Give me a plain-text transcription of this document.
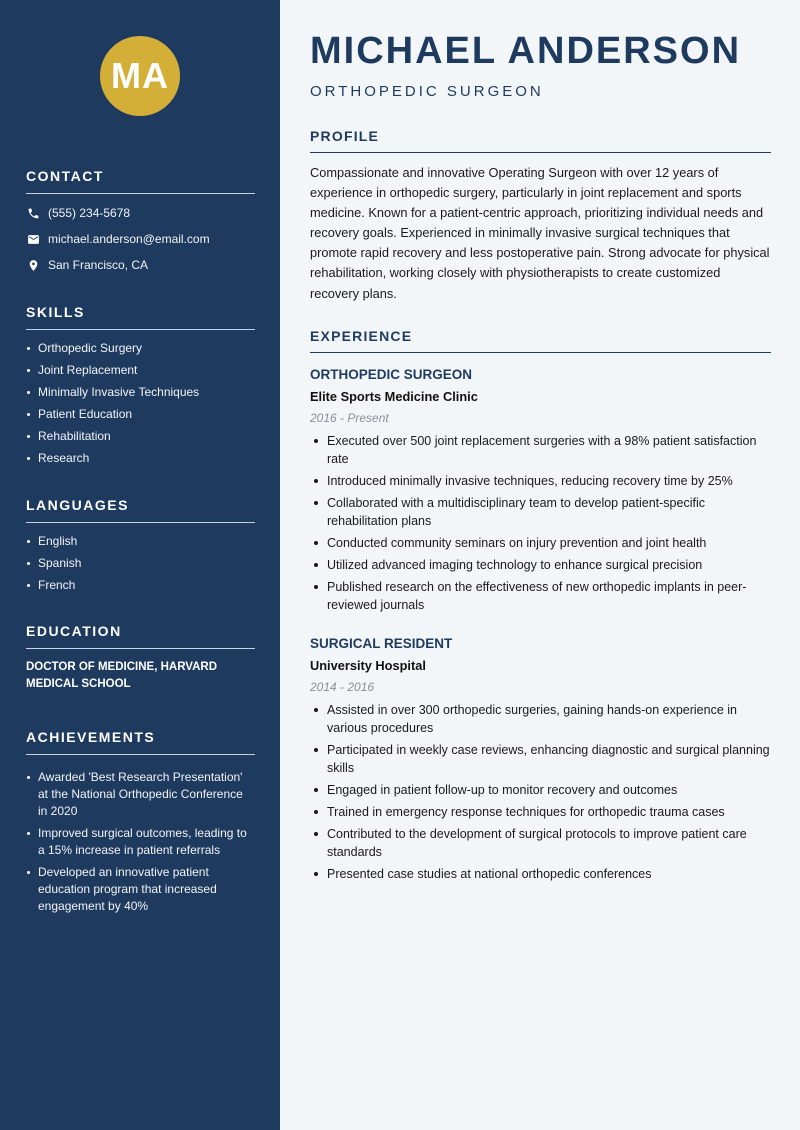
MA
CONTACT
(555) 234-5678
michael.anderson@email.com
San Francisco, CA
SKILLS
Orthopedic Surgery
Joint Replacement
Minimally Invasive Techniques
Patient Education
Rehabilitation
Research
LANGUAGES
English
Spanish
French
EDUCATION
DOCTOR OF MEDICINE, HARVARD MEDICAL SCHOOL
ACHIEVEMENTS
Awarded 'Best Research Presentation' at the National Orthopedic Conference in 2020
Improved surgical outcomes, leading to a 15% increase in patient referrals
Developed an innovative patient education program that increased engagement by 40%
MICHAEL ANDERSON
ORTHOPEDIC SURGEON
PROFILE

Compassionate and innovative Operating Surgeon with over 12 years of experience in orthopedic surgery, particularly in joint replacement and sports medicine. Known for a patient-centric approach, prioritizing individual needs and recovery goals. Experienced in minimally invasive surgical techniques that promote rapid recovery and less postoperative pain. Strong advocate for physical rehabilitation, working closely with physiotherapists to create customized recovery plans.

EXPERIENCE
ORTHOPEDIC SURGEON
Elite Sports Medicine Clinic
2016 - Present
Executed over 500 joint replacement surgeries with a 98% patient satisfaction rate
Introduced minimally invasive techniques, reducing recovery time by 25%
Collaborated with a multidisciplinary team to develop patient-specific rehabilitation plans
Conducted community seminars on injury prevention and joint health
Utilized advanced imaging technology to enhance surgical precision
Published research on the effectiveness of new orthopedic implants in peer-reviewed journals
SURGICAL RESIDENT
University Hospital
2014 - 2016
Assisted in over 300 orthopedic surgeries, gaining hands-on experience in various procedures
Participated in weekly case reviews, enhancing diagnostic and surgical planning skills
Engaged in patient follow-up to monitor recovery and outcomes
Trained in emergency response techniques for orthopedic trauma cases
Contributed to the development of surgical protocols to improve patient care standards
Presented case studies at national orthopedic conferences
